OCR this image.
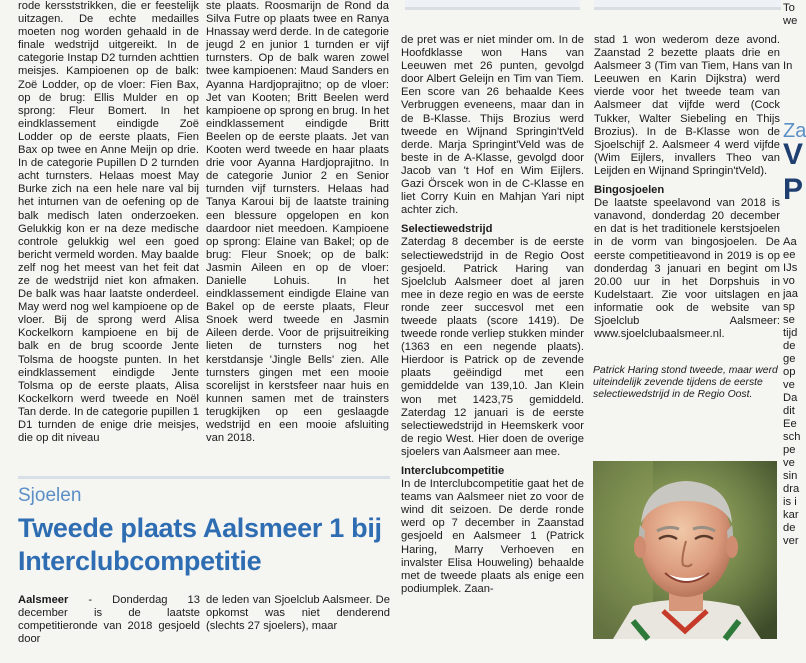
rode kersststrikken, die er feestelijk uitzagen. De echte medailles moeten nog worden gehaald in de finale wedstrijd uitgereikt. In de categorie Instap D2 turnden achttien meisjes. Kampioenen op de balk: Zoë Lodder, op de vloer: Fien Bax, op de brug: Ellis Mulder en op sprong: Fleur Bomert. In het eindklassement eindigde Zoë Lodder op de eerste plaats, Fien Bax op twee en Anne Meijn op drie. In de categorie Pupillen D 2 turnden acht turnsters. Helaas moest May Burke zich na een hele nare val bij het inturnen van de oefening op de balk medisch laten onderzoeken. Gelukkig kon er na deze medische controle gelukkig wel een goed bericht vermeld worden. May baalde zelf nog het meest van het feit dat ze de wedstrijd niet kon afmaken. De balk was haar laatste onderdeel. May werd nog wel kampioene op de vloer. Bij de sprong werd Alisa Kockelkorn kampioene en bij de balk en de brug scoorde Jente Tolsma de hoogste punten. In het eindklassement eindigde Jente Tolsma op de eerste plaats, Alisa Kockelkorn werd tweede en Noël Tan derde. In de categorie pupillen 1 D1 turnden de enige drie meisjes, die op dit niveau

ste plaats. Roosmarijn de Rond da Silva Futre op plaats twee en Ranya Hnassay werd derde. In de categorie jeugd 2 en junior 1 turnden er vijf turnsters. Op de balk waren zowel twee kampioenen: Maud Sanders en Ayanna Hardjoprajitno; op de vloer: Jet van Kooten; Britt Beelen werd kampioene op sprong en brug. In het eindklassement eindigde Britt Beelen op de eerste plaats. Jet van Kooten werd tweede en haar plaats drie voor Ayanna Hardjoprajitno. In de categorie Junior 2 en Senior turnden vijf turnsters. Helaas had Tanya Karoui bij de laatste training een blessure opgelopen en kon daardoor niet meedoen. Kampioene op sprong: Elaine van Bakel; op de brug: Fleur Snoek; op de balk: Jasmin Aileen en op de vloer: Danielle Lohuis. In het eindklassement eindigde Elaine van Bakel op de eerste plaats, Fleur Snoek werd tweede en Jasmin Aileen derde. Voor de prijsuitreiking lieten de turnsters nog het kerstdansje 'Jingle Bells' zien. Alle turnsters gingen met een mooie scorelijst in kerstsfeer naar huis en kunnen samen met de trainsters terugkijken op een geslaagde wedstrijd en een mooie afsluiting van 2018.

Sjoelen
Tweede plaats Aalsmeer 1 bij Interclubcompetitie

Aalsmeer - Donderdag 13 december is de laatste competitieronde van 2018 gesjoeld door

de leden van Sjoelclub Aalsmeer. De opkomst was niet denderend (slechts 27 sjoelers), maar

de pret was er niet minder om. In de Hoofdklasse won Hans van Leeuwen met 26 punten, gevolgd door Albert Geleijn en Tim van Tiem. Een score van 26 behaalde Kees Verbruggen eveneens, maar dan in de B-Klasse. Thijs Brozius werd tweede en Wijnand Springin'tVeld derde. Marja Springint'Veld was de beste in de A-Klasse, gevolgd door Jacob van 't Hof en Wim Eijlers. Gazi Örscek won in de C-Klasse en liet Corry Kuin en Mahjan Yari nipt achter zich.

Selectiewedstrijd

Zaterdag 8 december is de eerste selectiewedstrijd in de Regio Oost gesjoeld. Patrick Haring van Sjoelclub Aalsmeer doet al jaren mee in deze regio en was de eerste ronde zeer succesvol met een tweede plaats (score 1419). De tweede ronde verliep stukken minder (1363 en een negende plaats). Hierdoor is Patrick op de zevende plaats geëindigd met een gemiddelde van 139,10. Jan Klein won met 1423,75 gemiddeld. Zaterdag 12 januari is de eerste selectiewedstrijd in Heemskerk voor de regio West. Hier doen de overige sjoelers van Aalsmeer aan mee.

Interclubcompetitie

In de Interclubcompetitie gaat het de teams van Aalsmeer niet zo voor de wind dit seizoen. De derde ronde werd op 7 december in Zaanstad gesjoeld en Aalsmeer 1 (Patrick Haring, Marry Verhoeven en invalster Elisa Houweling) behaalde met de tweede plaats als enige een podiumplek. Zaan-

stad 1 won wederom deze avond. Zaanstad 2 bezette plaats drie en Aalsmeer 3 (Tim van Tiem, Hans van Leeuwen en Karin Dijkstra) werd vierde voor het tweede team van Aalsmeer dat vijfde werd (Cock Tukker, Walter Siebeling en Thijs Brozius). In de B-Klasse won de Sjoelschijf 2. Aalsmeer 4 werd vijfde (Wim Eijlers, invallers Theo van Leijden en Wijnand Springin'tVeld).

Bingosjoelen

De laatste speelavond van 2018 is vanavond, donderdag 20 december en dat is het traditionele kerstsjoelen in de vorm van bingosjoelen. De eerste competitieavond in 2019 is op donderdag 3 januari en begint om 20.00 uur in het Dorpshuis in Kudelstaart. Zie voor uitslagen en informatie ook de website van Sjoelclub Aalsmeer: www.sjoelclubaalsmeer.nl.

Patrick Haring stond tweede, maar werd uiteindelijk zevende tijdens de eerste selectiewedstrijd in de Regio Oost.
To
we
In
Za
V
P
Aa
ee
IJs
vo
jaa
sp
se
tijd
de
ge
op
ve
Da
dit
Ee
sch
pe
ve
sin
dra
is i
kar
de
ver
